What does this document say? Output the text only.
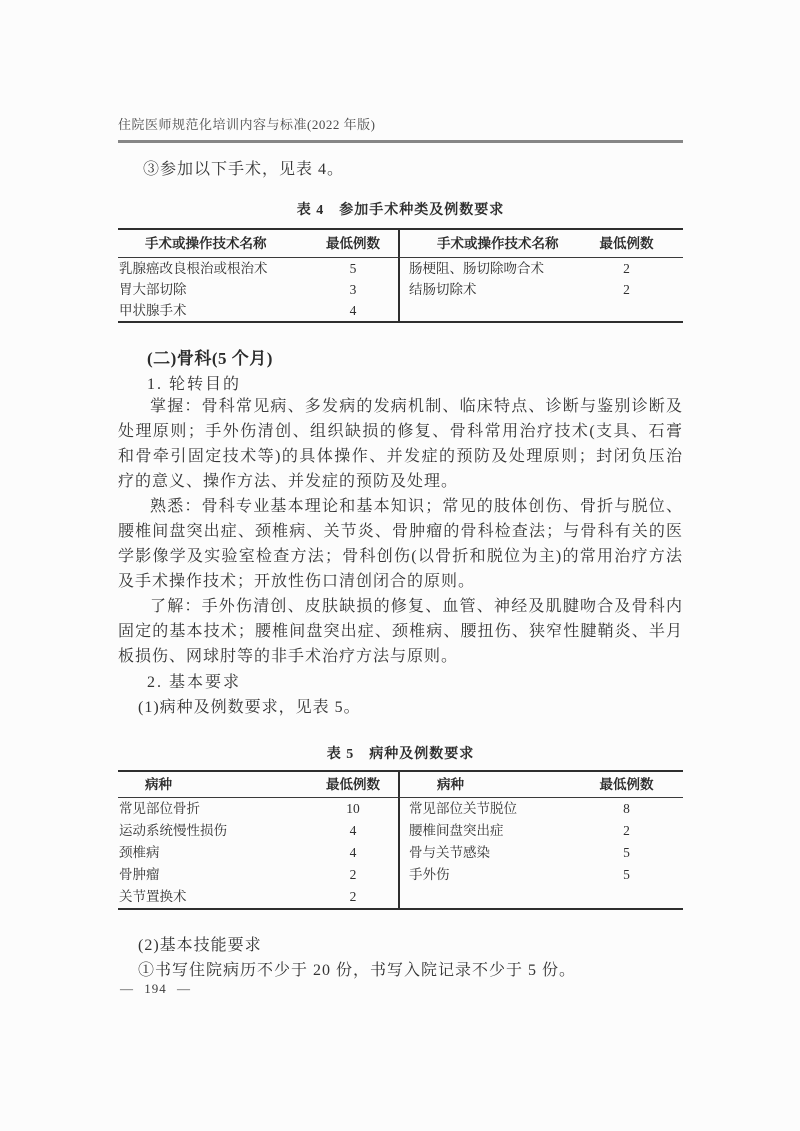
住院医师规范化培训内容与标准(2022 年版)

③参加以下手术，见表 4。

表 4　参加手术种类及例数要求
手术或操作技术名称	最低例数	手术或操作技术名称	最低例数
乳腺癌改良根治或根治术	5	肠梗阻、肠切除吻合术	2
胃大部切除	3	结肠切除术	2
甲状腺手术	4
(二)骨科(5 个月)

1. 轮转目的

掌握：骨科常见病、多发病的发病机制、临床特点、诊断与鉴别诊断及处理原则；手外伤清创、组织缺损的修复、骨科常用治疗技术(支具、石膏和骨牵引固定技术等)的具体操作、并发症的预防及处理原则；封闭负压治疗的意义、操作方法、并发症的预防及处理。

熟悉：骨科专业基本理论和基本知识；常见的肢体创伤、骨折与脱位、腰椎间盘突出症、颈椎病、关节炎、骨肿瘤的骨科检查法；与骨科有关的医学影像学及实验室检查方法；骨科创伤(以骨折和脱位为主)的常用治疗方法及手术操作技术；开放性伤口清创闭合的原则。

了解：手外伤清创、皮肤缺损的修复、血管、神经及肌腱吻合及骨科内固定的基本技术；腰椎间盘突出症、颈椎病、腰扭伤、狭窄性腱鞘炎、半月板损伤、网球肘等的非手术治疗方法与原则。

2. 基本要求

(1)病种及例数要求，见表 5。

表 5　病种及例数要求
病种	最低例数	病种	最低例数
常见部位骨折	10	常见部位关节脱位	8
运动系统慢性损伤	4	腰椎间盘突出症	2
颈椎病	4	骨与关节感染	5
骨肿瘤	2	手外伤	5
关节置换术	2

(2)基本技能要求

①书写住院病历不少于 20 份，书写入院记录不少于 5 份。

— 194 —
